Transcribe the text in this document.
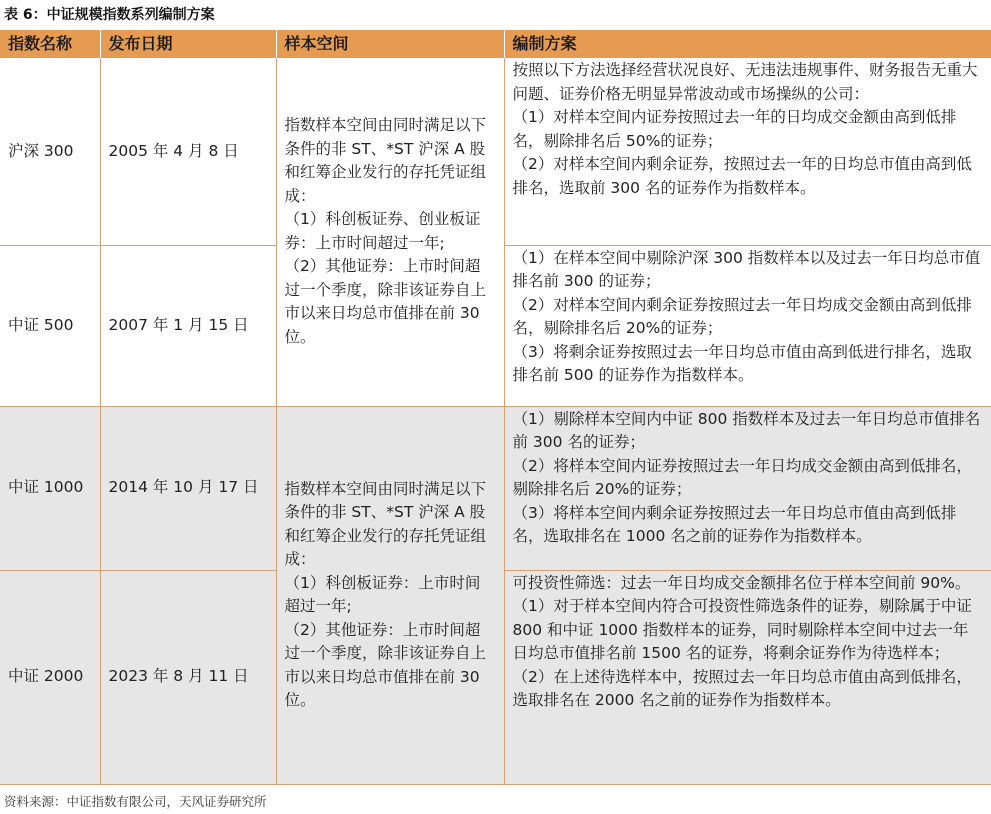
表 6：中证规模指数系列编制方案
指数名称	发布日期	样本空间	编制方案
沪深 300	2005 年 4 月 8 日	指数样本空间由同时满足以下条件的非 ST、*ST 沪深 A 股和红筹企业发行的存托凭证组成：
（1）科创板证券、创业板证券：上市时间超过一年;
（2）其他证券：上市时间超过一个季度，除非该证券自上市以来日均总市值排在前 30 位。	按照以下方法选择经营状况良好、无违法违规事件、财务报告无重大问题、证券价格无明显异常波动或市场操纵的公司：
（1）对样本空间内证券按照过去一年的日均成交金额由高到低排名，剔除排名后 50%的证券；
（2）对样本空间内剩余证券，按照过去一年的日均总市值由高到低排名，选取前 300 名的证券作为指数样本。

中证 500	2007 年 1 月 15 日		（1）在样本空间中剔除沪深 300 指数样本以及过去一年日均总市值排名前 300 的证券；
（2）对样本空间内剩余证券按照过去一年日均成交金额由高到低排名，剔除排名后 20%的证券；
（3）将剩余证券按照过去一年日均总市值由高到低进行排名，选取排名前 500 的证券作为指数样本。

中证 1000	2014 年 10 月 17 日	指数样本空间由同时满足以下条件的非 ST、*ST 沪深 A 股和红筹企业发行的存托凭证组成：
（1）科创板证券：上市时间超过一年;
（2）其他证券：上市时间超过一个季度，除非该证券自上市以来日均总市值排在前 30 位。	（1）剔除样本空间内中证 800 指数样本及过去一年日均总市值排名前 300 名的证券；
（2）将样本空间内证券按照过去一年日均成交金额由高到低排名，剔除排名后 20%的证券；
（3）将样本空间内剩余证券按照过去一年日均总市值由高到低排名，选取排名在 1000 名之前的证券作为指数样本。

中证 2000	2023 年 8 月 11 日		可投资性筛选：过去一年日均成交金额排名位于样本空间前 90%。
（1）对于样本空间内符合可投资性筛选条件的证券，剔除属于中证 800 和中证 1000 指数样本的证券，同时剔除样本空间中过去一年日均总市值排名前 1500 名的证券，将剩余证券作为待选样本；
（2）在上述待选样本中，按照过去一年日均总市值由高到低排名，选取排名在 2000 名之前的证券作为指数样本。
资料来源：中证指数有限公司，天风证券研究所
